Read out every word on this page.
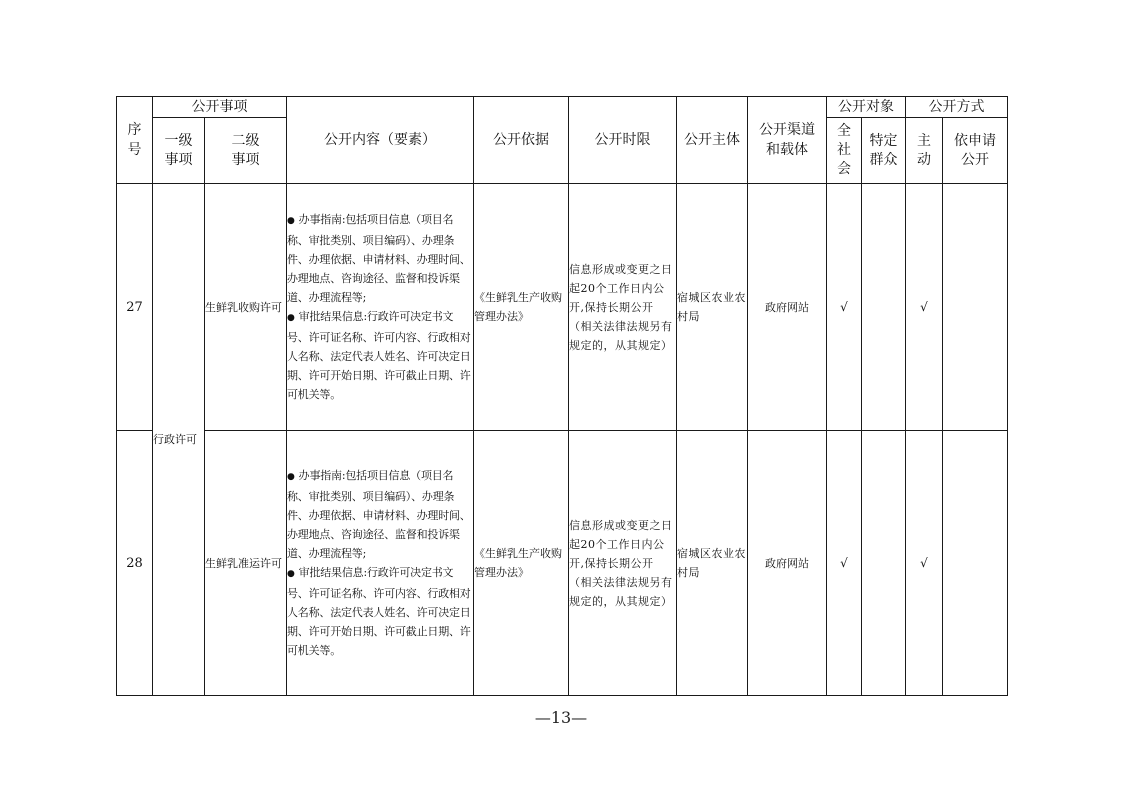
序号	公开事项		公开内容（要素）	公开依据	公开时限	公开主体	公开渠道和载体	公开对象		公开方式	
	一级事项	二级事项						全社会	特定群众	主动	依申请公开
27	行政许可	生鲜乳收购许可	● 办事指南:包括项目信息（项目名称、审批类别、项目编码）、办理条件、办理依据、申请材料、办理时间、办理地点、咨询途径、监督和投诉渠道、办理流程等;
● 审批结果信息:行政许可决定书文号、许可证名称、许可内容、行政相对人名称、法定代表人姓名、许可决定日期、许可开始日期、许可截止日期、许可机关等。	《生鲜乳生产收购管理办法》	信息形成或变更之日起20个工作日内公开,保持长期公开（相关法律法规另有规定的，从其规定）	宿城区农业农村局	政府网站	√		√	
28		生鲜乳准运许可	● 办事指南:包括项目信息（项目名称、审批类别、项目编码）、办理条件、办理依据、申请材料、办理时间、办理地点、咨询途径、监督和投诉渠道、办理流程等;
● 审批结果信息:行政许可决定书文号、许可证名称、许可内容、行政相对人名称、法定代表人姓名、许可决定日期、许可开始日期、许可截止日期、许可机关等。	《生鲜乳生产收购管理办法》	信息形成或变更之日起20个工作日内公开,保持长期公开（相关法律法规另有规定的，从其规定）	宿城区农业农村局	政府网站	√		√	
—13—
